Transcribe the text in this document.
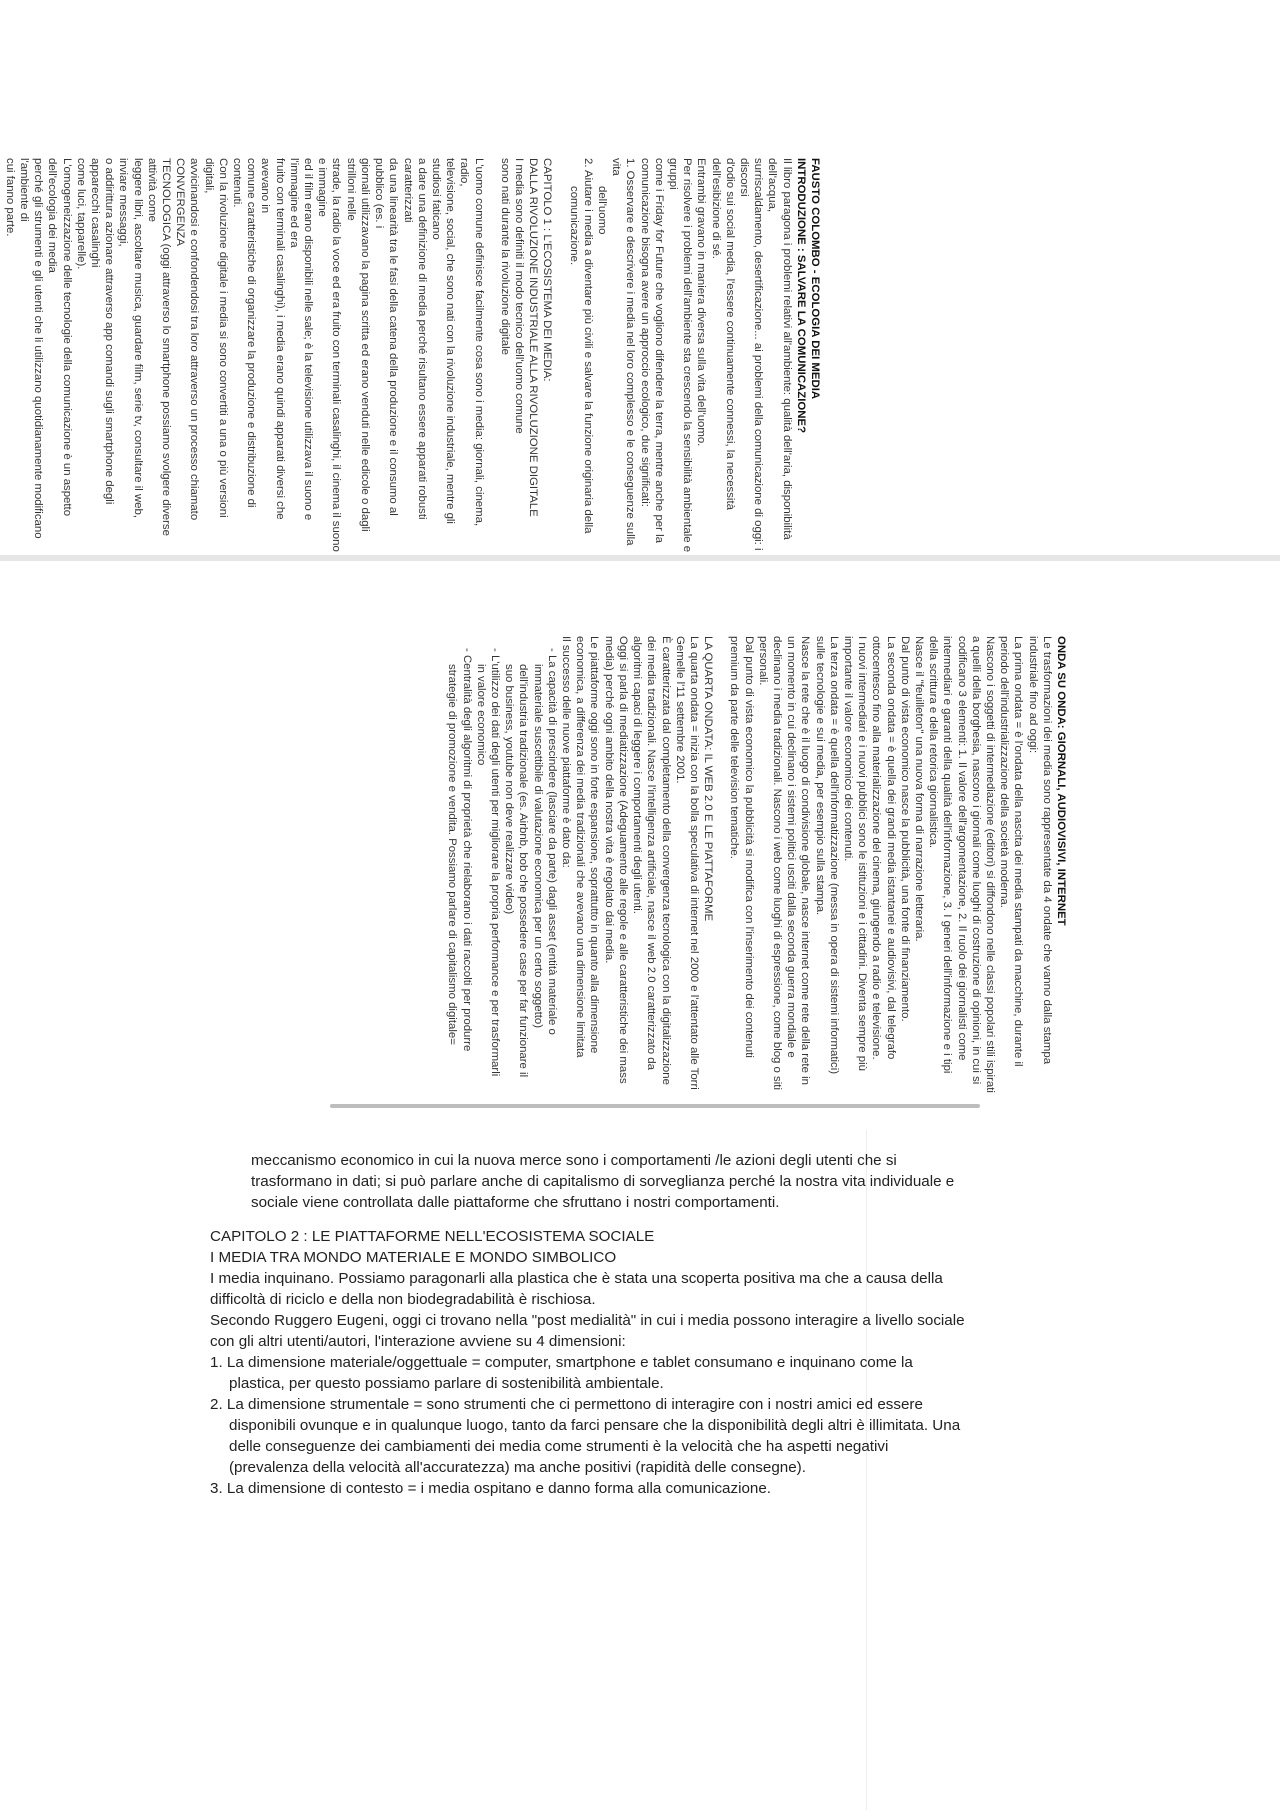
FAUSTO COLOMBO - ECOLOGIA DEI MEDIA
INTRODUZIONE : SALVARE LA COMUNICAZIONE?
Il libro paragona i problemi relativi all'ambiente: qualità dell'aria, disponibilità dell'acqua,
surriscaldamento, desertificazione... ai problemi della comunicazione di oggi: i discorsi
d'odio sui social media, l'essere continuamente connessi, la necessità dell'esibizione di sé.
Entrambi gravano in maniera diversa sulla vita dell'uomo.
Per risolvere i problemi dell'ambiente sta crescendo la sensibilità ambientale e gruppi
come i Friday for Future che vogliono difendere la terra, mentre anche per la
comunicazione bisogna avere un approccio ecologico, due significati:
1. Osservare e descrivere i media nel loro complesso e le conseguenze sulla vita
dell'uomo
2. Aiutare i media a diventare più civili e salvare la funzione originaria della
comunicazione.
CAPITOLO 1 : L'ECOSISTEMA DEI MEDIA:
DALLA RIVOLUZIONE INDUSTRIALE ALLA RIVOLUZIONE DIGITALE
I media sono definiti il modo tecnico dell'uomo comune
sono nati durante la rivoluzione digitale
L'uomo comune definisce facilmente cosa sono i media: giornali, cinema, radio,
televisione, social, che sono nati con la rivoluzione industriale, mentre gli studiosi faticano
a dare una definizione di media perché risultano essere apparati robusti caratterizzati
da una linearità tra le fasi della catena della produzione e il consumo al pubblico (es. i
giornali utilizzavano la pagina scritta ed erano venduti nelle edicole o dagli strilloni nelle
strade, la radio la voce ed era fruito con terminali casalinghi, il cinema il suono e immagine
ed il film erano disponibili nelle sale; è la televisione utilizzava il suono e l'immagine ed era
fruito con terminali casalinghi), i media erano quindi apparati diversi che avevano in
comune caratteristiche di organizzare la produzione e distribuzione di contenuti.
Con la rivoluzione digitale i media si sono convertiti a una o più versioni digitali,
avvicinandosi e confondendosi tra loro attraverso un processo chiamato CONVERGENZA
TECNOLOGICA (oggi attraverso lo smartphone possiamo svolgere diverse attività come
leggere libri, ascoltare musica, guardare film, serie tv, consultare il web, inviare messaggi,
o addirittura azionare attraverso app comandi sugli smartphone degli apparecchi casalinghi
come luci, tapparelle).
L'omogeneizzazione delle tecnologie della comunicazione è un aspetto dell'ecologia dei media
perché gli strumenti e gli utenti che li utilizzano quotidianamente modificano l'ambiente di
cui fanno parte.
ONDA SU ONDA: GIORNALI, AUDIOVISIVI, INTERNET
Le trasformazioni dei media sono rappresentate da 4 ondate che vanno dalla stampa
industriale fino ad oggi:
La prima ondata = è l'ondata della nascita dei media stampati da macchine, durante il
periodo dell'industrializzazione della società moderna.
Nascono i soggetti di intermediazione (editori) si diffondono nelle classi popolari stili ispirati
a quelli della borghesia, nascono i giornali come luoghi di costruzione di opinioni, in cui si
codificano 3 elementi: 1. Il valore dell'argomentazione, 2. Il ruolo dei giornalisti come
intermediari e garanti della qualità dell'informazione, 3. I generi dell'informazione e i tipi
della scrittura e della retorica giornalistica.
Nasce il "feuilleton" una nuova forma di narrazione letteraria.
Dal punto di vista economico nasce la pubblicità, una fonte di finanziamento.
La seconda ondata = è quella dei grandi media istantanei e audiovisivi, dal telegrafo
ottocentesco fino alla materializzazione del cinema, giungendo a radio e televisione.
I nuovi intermediari e i nuovi pubblici sono le istituzioni e i cittadini. Diventa sempre più
importante il valore economico dei contenuti.
La terza ondata = è quella dell'informatizzazione (messa in opera di sistemi informatici)
sulle tecnologie e sui media, per esempio sulla stampa.
Nasce la rete che è il luogo di condivisione globale, nasce internet come rete della rete in
un momento in cui declinano i sistemi politici usciti dalla seconda guerra mondiale e
declinano i media tradizionali. Nascono i web come luoghi di espressione, come blog o siti
personali.
Dal punto di vista economico la pubblicità si modifica con l'inserimento dei contenuti
premium da parte delle television tematiche.
LA QUARTA ONDATA: IL WEB 2.0 E LE PIATTAFORME
La quarta ondata = inizia con la bolla speculativa di internet nel 2000 e l'attentato alle Torri
Gemelle l'11 settembre 2001.
È caratterizzata dal completamento della convergenza tecnologica con la digitalizzazione
dei media tradizionali. Nasce l'intelligenza artificiale, nasce il web 2.0 caratterizzato da
algoritmi capaci di leggere i comportamenti degli utenti.
Oggi si parla di mediatizzazione (Adeguamento alle regole e alle caratteristiche dei mass
media) perché ogni ambito della nostra vita è regolato dai media.
Le piattaforme oggi sono in forte espansione, soprattutto in quanto alla dimensione
economica, a differenza dei media tradizionali che avevano una dimensione limitata
Il successo delle nuove piattaforme è dato da:
- La capacità di prescindere (lasciare da parte) dagli asset (entità materiale o
immateriale suscettibile di valutazione economica per un certo soggetto)
dell'industria tradizionale (es. Airbnb, bob che possedere case per far funzionare il
suo business, youtube non deve realizzare video)
- L'utilizzo dei dati degli utenti per migliorare la propria performance e per trasformarli
in valore economico
- Centralità degli algoritmi di proprietà che rielaborano i dati raccolti per produrre
strategie di promozione e vendita. Possiamo parlare di capitalismo digitale=

meccanismo economico in cui la nuova merce sono i comportamenti /le azioni degli utenti che si trasformano in dati; si può parlare anche di capitalismo di sorveglianza perché la nostra vita individuale e sociale viene controllata dalle piattaforme che sfruttano i nostri comportamenti.

CAPITOLO 2 : LE PIATTAFORME NELL'ECOSISTEMA SOCIALE

I MEDIA TRA MONDO MATERIALE E MONDO SIMBOLICO

I media inquinano. Possiamo paragonarli alla plastica che è stata una scoperta positiva ma che a causa della difficoltà di riciclo e della non biodegradabilità è rischiosa.

Secondo Ruggero Eugeni, oggi ci trovano nella "post medialità" in cui i media possono interagire a livello sociale con gli altri utenti/autori, l'interazione avviene su 4 dimensioni:

1. La dimensione materiale/oggettuale = computer, smartphone e tablet consumano e inquinano come la plastica, per questo possiamo parlare di sostenibilità ambientale.

2. La dimensione strumentale = sono strumenti che ci permettono di interagire con i nostri amici ed essere disponibili ovunque e in qualunque luogo, tanto da farci pensare che la disponibilità degli altri è illimitata. Una delle conseguenze dei cambiamenti dei media come strumenti è la velocità che ha aspetti negativi (prevalenza della velocità all'accuratezza) ma anche positivi (rapidità delle consegne).

3. La dimensione di contesto = i media ospitano e danno forma alla comunicazione.
